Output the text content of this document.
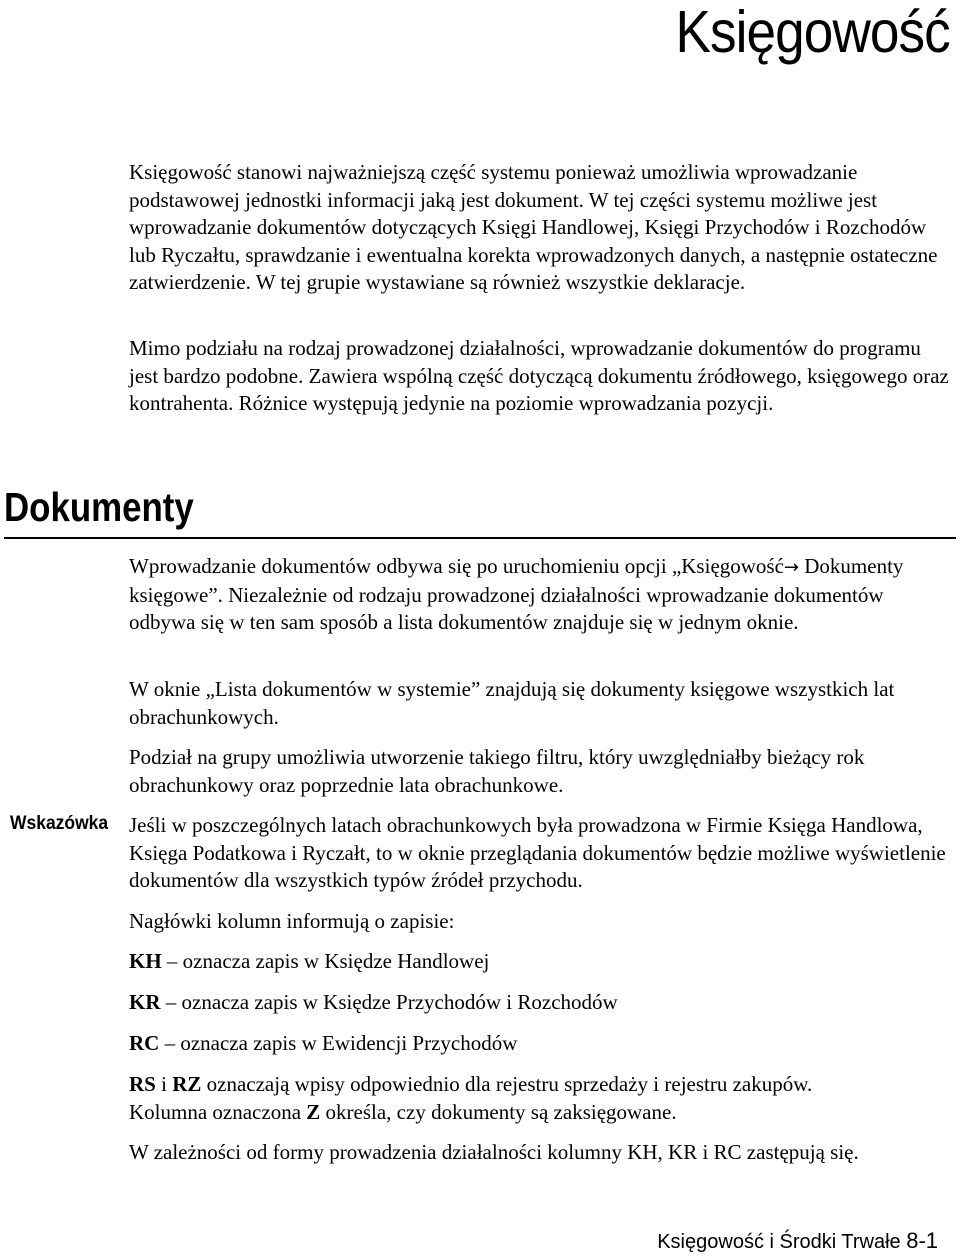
Księgowość

Księgowość stanowi najważniejszą część systemu ponieważ umożliwia wprowadzanie podstawowej jednostki informacji jaką jest dokument. W tej części systemu możliwe jest wprowadzanie dokumentów dotyczących Księgi Handlowej, Księgi Przychodów i Rozchodów lub Ryczałtu, sprawdzanie i ewentualna korekta wprowadzonych danych, a następnie ostateczne zatwierdzenie. W tej grupie wystawiane są również wszystkie deklaracje.

Mimo podziału na rodzaj prowadzonej działalności, wprowadzanie dokumentów do programu jest bardzo podobne. Zawiera wspólną część dotyczącą dokumentu źródłowego, księgowego oraz kontrahenta. Różnice występują jedynie na poziomie wprowadzania pozycji.

Dokumenty

Wprowadzanie dokumentów odbywa się po uruchomieniu opcji „Księgowość→ Dokumenty księgowe”. Niezależnie od rodzaju prowadzonej działalności wprowadzanie dokumentów odbywa się w ten sam sposób a lista dokumentów znajduje się w jednym oknie.

W oknie „Lista dokumentów w systemie” znajdują się dokumenty księgowe wszystkich lat obrachunkowych.

Podział na grupy umożliwia utworzenie takiego filtru, który uwzględniałby bieżący rok obrachunkowy oraz poprzednie lata obrachunkowe.

Wskazówka Jeśli w poszczególnych latach obrachunkowych była prowadzona w Firmie Księga Handlowa, Księga Podatkowa i Ryczałt, to w oknie przeglądania dokumentów będzie możliwe wyświetlenie dokumentów dla wszystkich typów źródeł przychodu.

Nagłówki kolumn informują o zapisie:

KH – oznacza zapis w Księdze Handlowej

KR – oznacza zapis w Księdze Przychodów i Rozchodów

RC – oznacza zapis w Ewidencji Przychodów

RS i RZ oznaczają wpisy odpowiednio dla rejestru sprzedaży i rejestru zakupów.
Kolumna oznaczona Z określa, czy dokumenty są zaksięgowane.

W zależności od formy prowadzenia działalności kolumny KH, KR i RC zastępują się.

Księgowość i Środki Trwałe 8-1
